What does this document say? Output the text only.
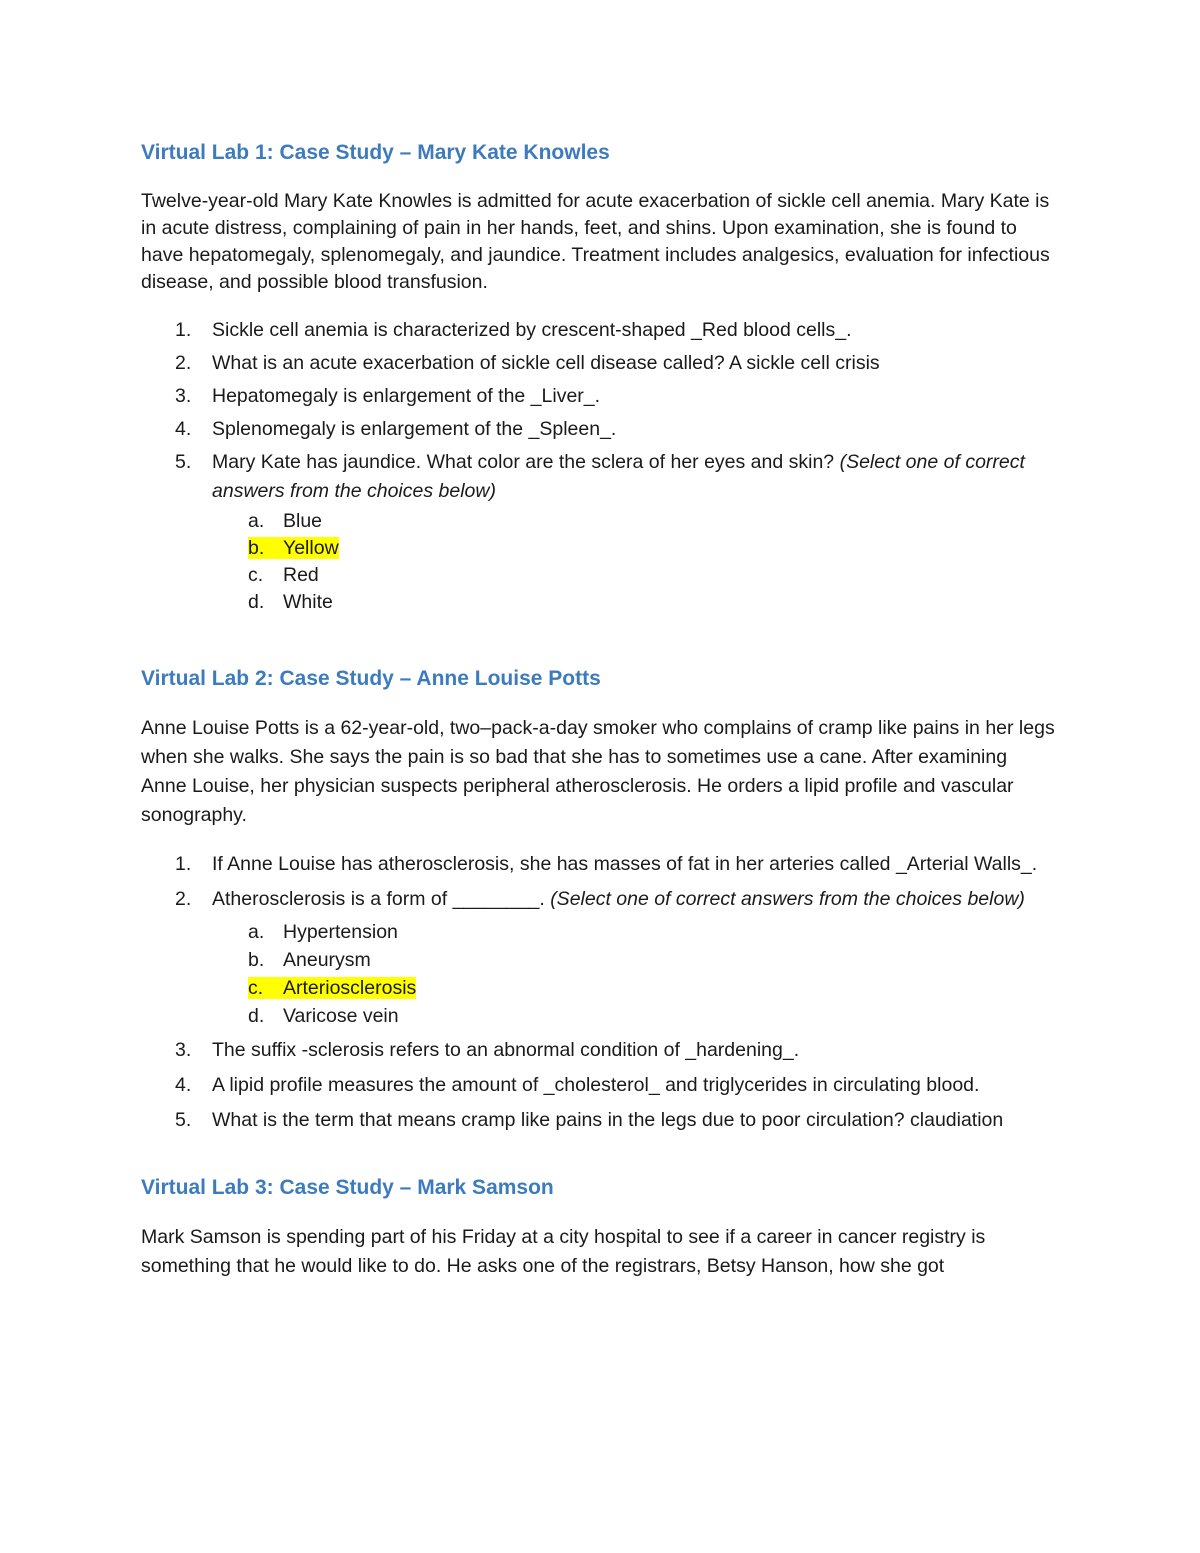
Virtual Lab 1: Case Study – Mary Kate Knowles

Twelve-year-old Mary Kate Knowles is admitted for acute exacerbation of sickle cell anemia. Mary Kate is in acute distress, complaining of pain in her hands, feet, and shins. Upon examination, she is found to have hepatomegaly, splenomegaly, and jaundice. Treatment includes analgesics, evaluation for infectious disease, and possible blood transfusion.

1. Sickle cell anemia is characterized by crescent-shaped _Red blood cells_.
2. What is an acute exacerbation of sickle cell disease called? A sickle cell crisis
3. Hepatomegaly is enlargement of the _Liver_.
4. Splenomegaly is enlargement of the _Spleen_.
5. Mary Kate has jaundice. What color are the sclera of her eyes and skin? (Select one of correct answers from the choices below)
a. Blue
b. Yellow
c. Red
d. White
Virtual Lab 2: Case Study – Anne Louise Potts

Anne Louise Potts is a 62-year-old, two–pack-a-day smoker who complains of cramp like pains in her legs when she walks. She says the pain is so bad that she has to sometimes use a cane. After examining Anne Louise, her physician suspects peripheral atherosclerosis. He orders a lipid profile and vascular sonography.

1. If Anne Louise has atherosclerosis, she has masses of fat in her arteries called _Arterial Walls_.
2. Atherosclerosis is a form of ________. (Select one of correct answers from the choices below)
a. Hypertension
b. Aneurysm
c. Arteriosclerosis
d. Varicose vein
3. The suffix -sclerosis refers to an abnormal condition of _hardening_.
4. A lipid profile measures the amount of _cholesterol_ and triglycerides in circulating blood.
5. What is the term that means cramp like pains in the legs due to poor circulation? claudiation
Virtual Lab 3: Case Study – Mark Samson

Mark Samson is spending part of his Friday at a city hospital to see if a career in cancer registry is something that he would like to do. He asks one of the registrars, Betsy Hanson, how she got
